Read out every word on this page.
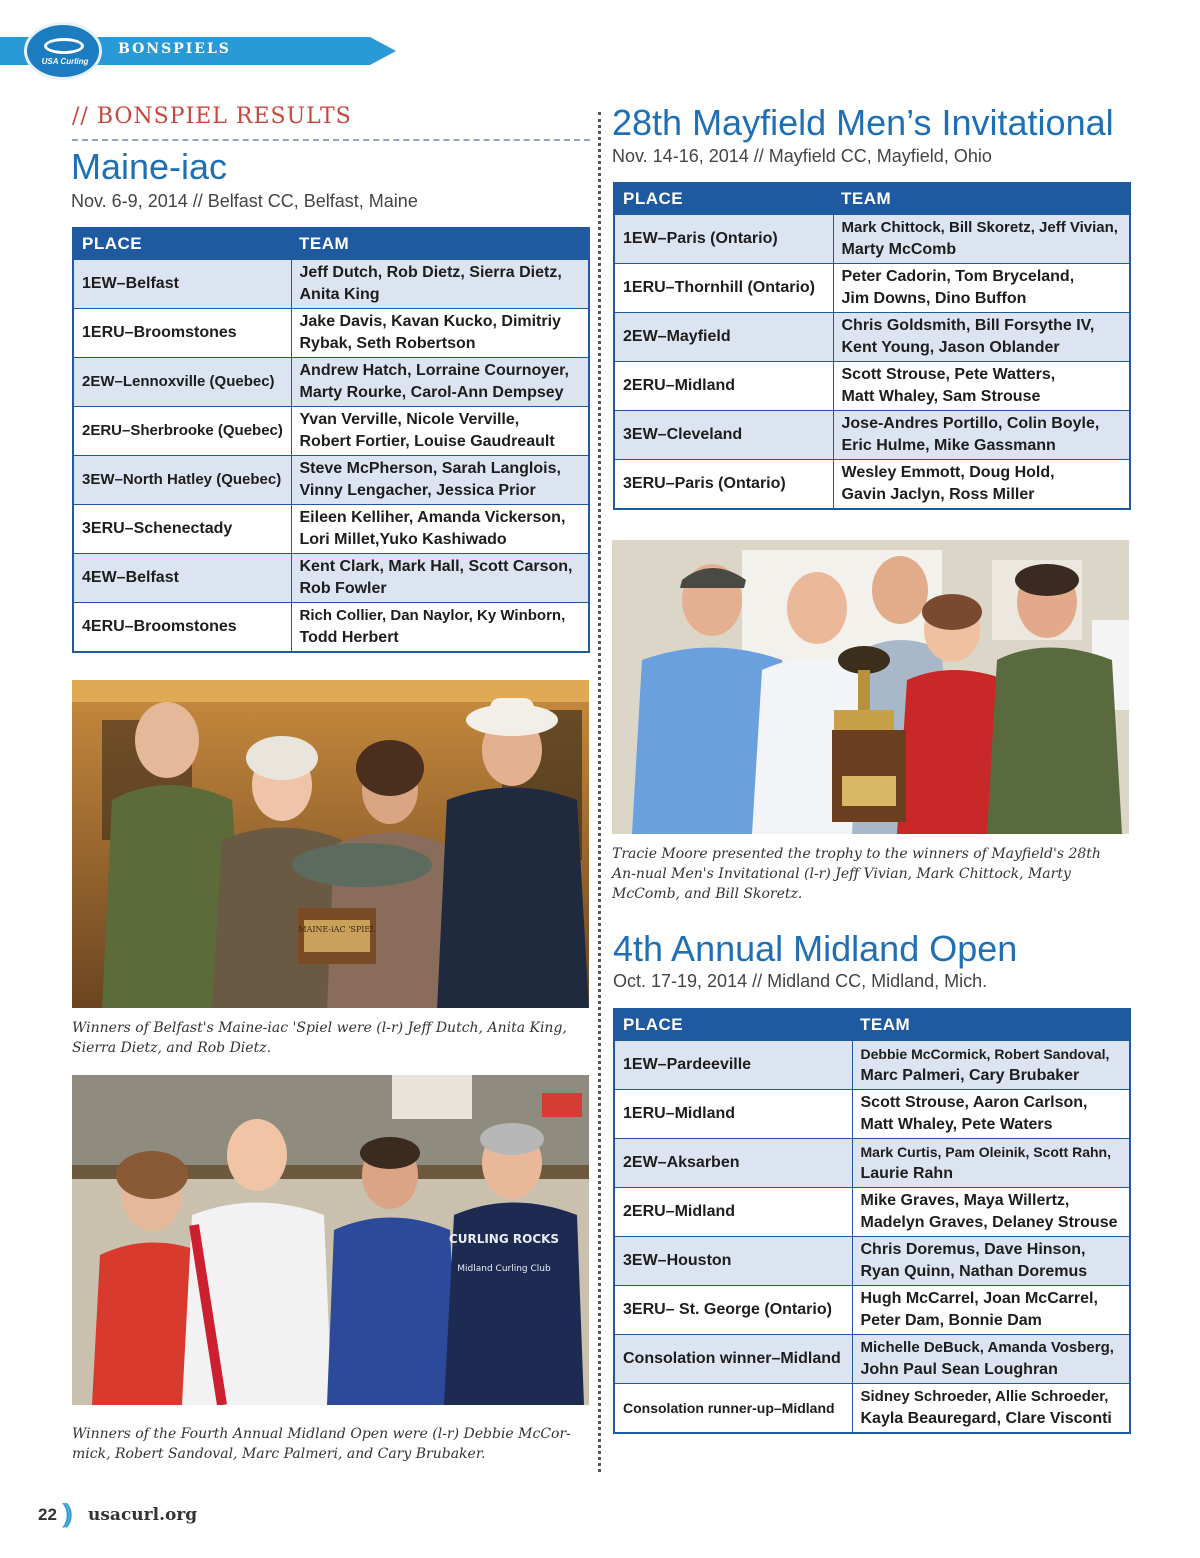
BONSPIELS
USA Curling
// BONSPIEL RESULTS
Maine-iac
Nov. 6-9, 2014 // Belfast CC, Belfast, Maine
PLACE	TEAM
1EW–Belfast	Jeff Dutch, Rob Dietz, Sierra Dietz,
Anita King

1ERU–Broomstones	Jake Davis, Kavan Kucko, Dimitriy
Rybak, Seth Robertson

2EW–Lennoxville (Quebec)	Andrew Hatch, Lorraine Cournoyer,
Marty Rourke, Carol-Ann Dempsey

2ERU–Sherbrooke (Quebec)	Yvan Verville, Nicole Verville,
Robert Fortier, Louise Gaudreault

3EW–North Hatley (Quebec)	Steve McPherson, Sarah Langlois,
Vinny Lengacher, Jessica Prior

3ERU–Schenectady	Eileen Kelliher, Amanda Vickerson,
Lori Millet,Yuko Kashiwado

4EW–Belfast	Kent Clark, Mark Hall, Scott Carson,
Rob Fowler

4ERU–Broomstones	Rich Collier, Dan Naylor, Ky Winborn,
Todd Herbert
MAINE-iAC 'SPIEL
Winners of Belfast's Maine-iac 'Spiel were (l-r) Jeff Dutch, Anita King, Sierra Dietz, and Rob Dietz.
CURLING ROCKS
Midland Curling Club
Winners of the Fourth Annual Midland Open were (l-r) Debbie McCor-mick, Robert Sandoval, Marc Palmeri, and Cary Brubaker.
28th Mayfield Men’s Invitational
Nov. 14-16, 2014 // Mayfield CC, Mayfield, Ohio
PLACE	TEAM
1EW–Paris (Ontario)	Mark Chittock, Bill Skoretz, Jeff Vivian,
Marty McComb

1ERU–Thornhill (Ontario)	Peter Cadorin, Tom Bryceland,
Jim Downs, Dino Buffon

2EW–Mayfield	Chris Goldsmith, Bill Forsythe IV,
Kent Young, Jason Oblander

2ERU–Midland	Scott Strouse, Pete Watters,
Matt Whaley, Sam Strouse

3EW–Cleveland	Jose-Andres Portillo, Colin Boyle,
Eric Hulme, Mike Gassmann

3ERU–Paris (Ontario)	Wesley Emmott, Doug Hold,
Gavin Jaclyn, Ross Miller
Tracie Moore presented the trophy to the winners of Mayfield's 28th An-nual Men's Invitational (l-r) Jeff Vivian, Mark Chittock, Marty McComb, and Bill Skoretz.
4th Annual Midland Open
Oct. 17-19, 2014 // Midland CC, Midland, Mich.
PLACE	TEAM
1EW–Pardeeville	Debbie McCormick, Robert Sandoval,
Marc Palmeri, Cary Brubaker

1ERU–Midland	Scott Strouse, Aaron Carlson,
Matt Whaley, Pete Waters

2EW–Aksarben	Mark Curtis, Pam Oleinik, Scott Rahn,
Laurie Rahn

2ERU–Midland	Mike Graves, Maya Willertz,
Madelyn Graves, Delaney Strouse

3EW–Houston	Chris Doremus, Dave Hinson,
Ryan Quinn, Nathan Doremus

3ERU– St. George (Ontario)	Hugh McCarrel, Joan McCarrel,
Peter Dam, Bonnie Dam

Consolation winner–Midland	Michelle DeBuck, Amanda Vosberg,
John Paul Sean Loughran

Consolation runner-up–Midland	Sidney Schroeder, Allie Schroeder,
Kayla Beauregard, Clare Visconti
22 )) usacurl.org
